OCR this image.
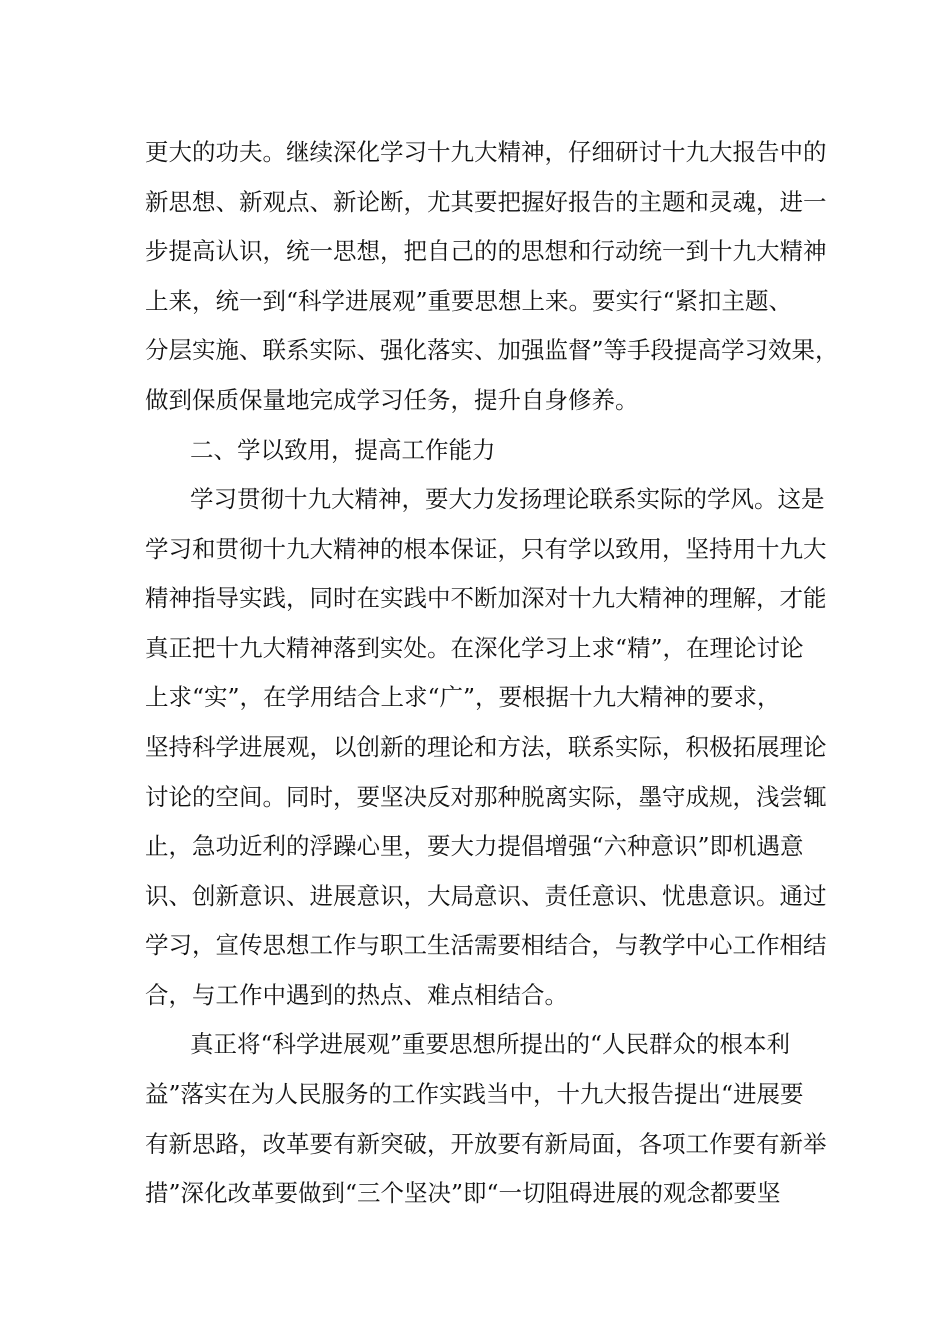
更大的功夫。继续深化学习十九大精神，仔细研讨十九大报告中的
新思想、新观点、新论断，尤其要把握好报告的主题和灵魂，进一
步提高认识，统一思想，把自己的的思想和行动统一到十九大精神
上来，统一到“科学进展观”重要思想上来。要实行“紧扣主题、
分层实施、联系实际、强化落实、加强监督”等手段提高学习效果，
做到保质保量地完成学习任务，提升自身修养。
二、学以致用，提高工作能力
学习贯彻十九大精神，要大力发扬理论联系实际的学风。这是
学习和贯彻十九大精神的根本保证，只有学以致用，坚持用十九大
精神指导实践，同时在实践中不断加深对十九大精神的理解，才能
真正把十九大精神落到实处。在深化学习上求“精”，在理论讨论
上求“实”，在学用结合上求“广”，要根据十九大精神的要求，
坚持科学进展观，以创新的理论和方法，联系实际，积极拓展理论
讨论的空间。同时，要坚决反对那种脱离实际，墨守成规，浅尝辄
止，急功近利的浮躁心里，要大力提倡增强“六种意识”即机遇意
识、创新意识、进展意识，大局意识、责任意识、忧患意识。通过
学习，宣传思想工作与职工生活需要相结合，与教学中心工作相结
合，与工作中遇到的热点、难点相结合。
真正将“科学进展观”重要思想所提出的“人民群众的根本利
益”落实在为人民服务的工作实践当中，十九大报告提出“进展要
有新思路，改革要有新突破，开放要有新局面，各项工作要有新举
措”深化改革要做到“三个坚决”即“一切阻碍进展的观念都要坚
